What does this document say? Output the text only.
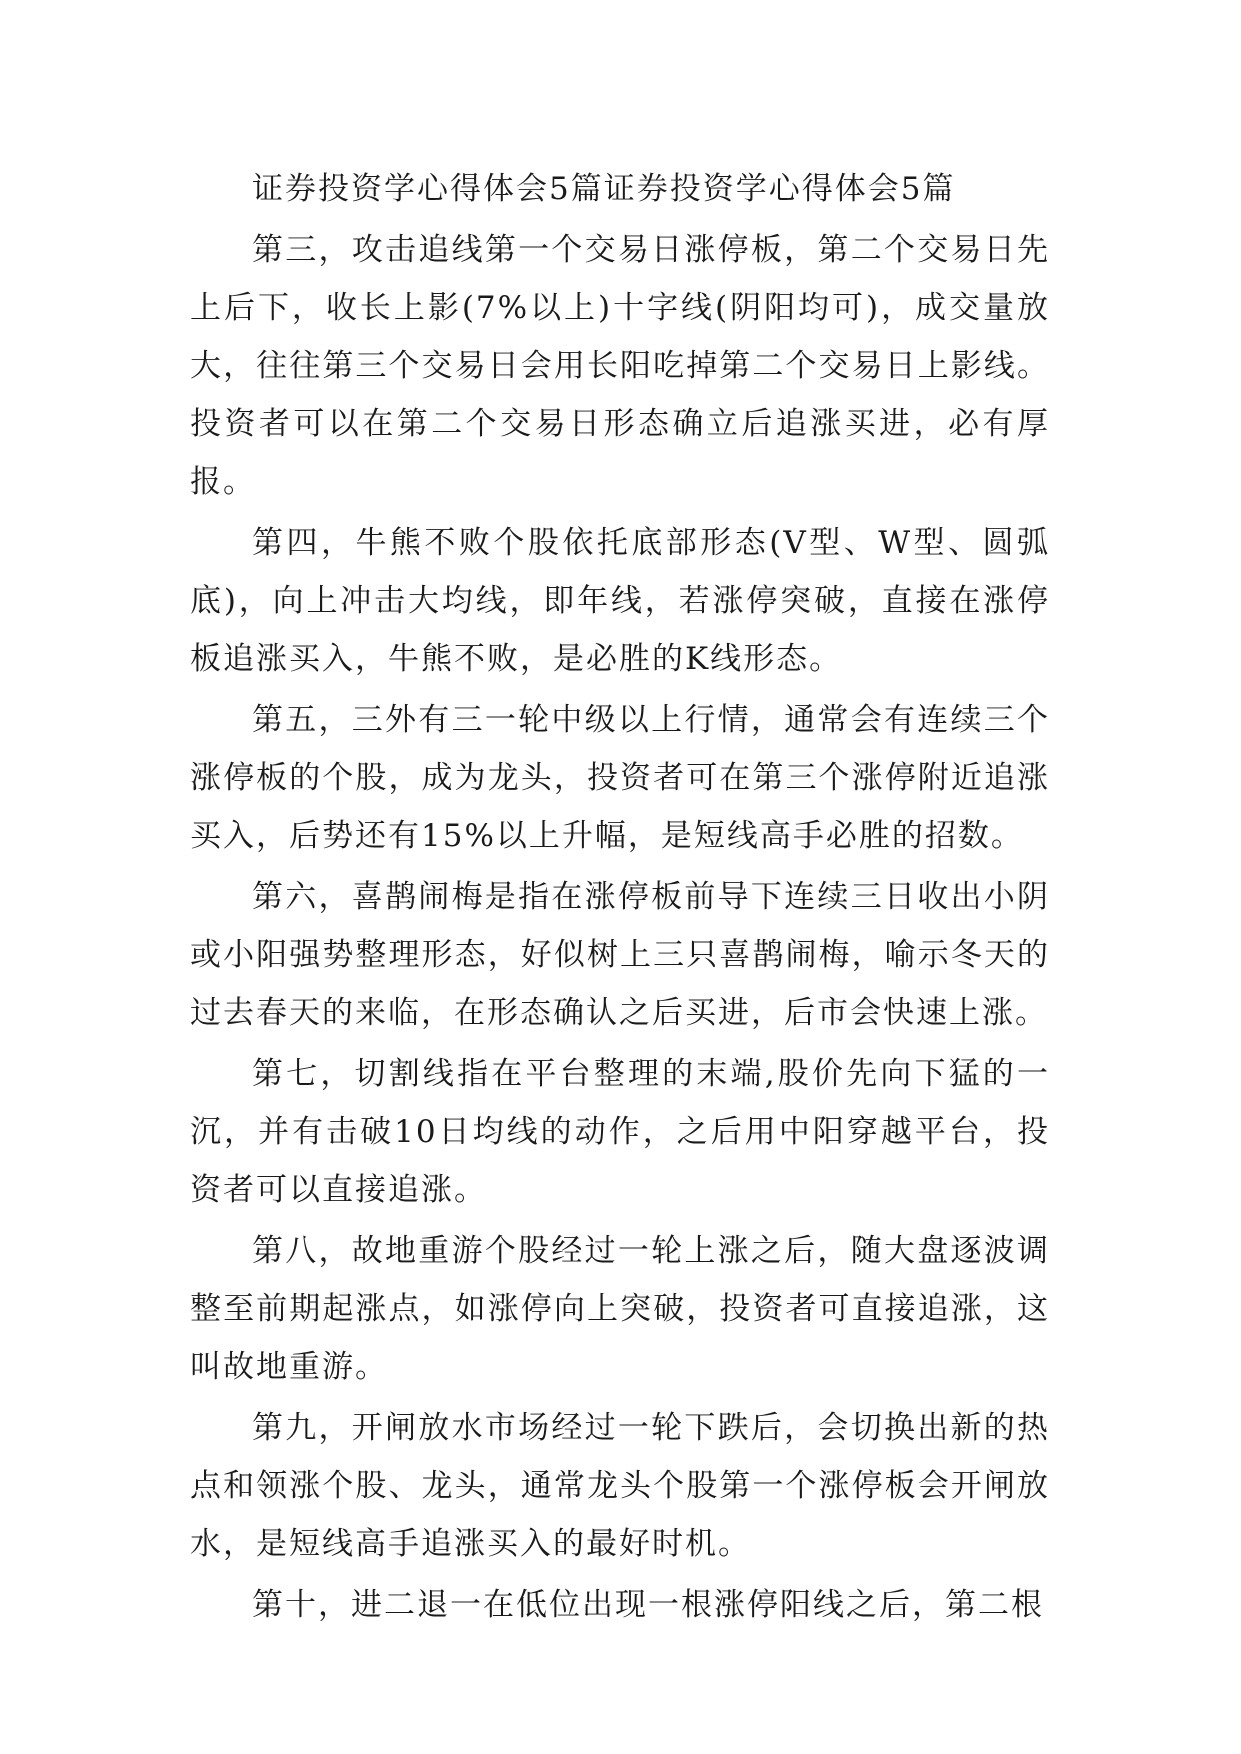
证券投资学心得体会5篇证券投资学心得体会5篇

第三，攻击追线第一个交易日涨停板，第二个交易日先上后下，收长上影(7%以上)十字线(阴阳均可)，成交量放大，往往第三个交易日会用长阳吃掉第二个交易日上影线。投资者可以在第二个交易日形态确立后追涨买进，必有厚报。

第四，牛熊不败个股依托底部形态(V型、W型、圆弧底)，向上冲击大均线，即年线，若涨停突破，直接在涨停板追涨买入，牛熊不败，是必胜的K线形态。

第五，三外有三一轮中级以上行情，通常会有连续三个涨停板的个股，成为龙头，投资者可在第三个涨停附近追涨买入，后势还有15%以上升幅，是短线高手必胜的招数。

第六，喜鹊闹梅是指在涨停板前导下连续三日收出小阴或小阳强势整理形态，好似树上三只喜鹊闹梅，喻示冬天的过去春天的来临，在形态确认之后买进，后市会快速上涨。

第七，切割线指在平台整理的末端,股价先向下猛的一沉，并有击破10日均线的动作，之后用中阳穿越平台，投资者可以直接追涨。

第八，故地重游个股经过一轮上涨之后，随大盘逐波调整至前期起涨点，如涨停向上突破，投资者可直接追涨，这叫故地重游。

第九，开闸放水市场经过一轮下跌后，会切换出新的热点和领涨个股、龙头，通常龙头个股第一个涨停板会开闸放水，是短线高手追涨买入的最好时机。

第十，进二退一在低位出现一根涨停阳线之后，第二根
